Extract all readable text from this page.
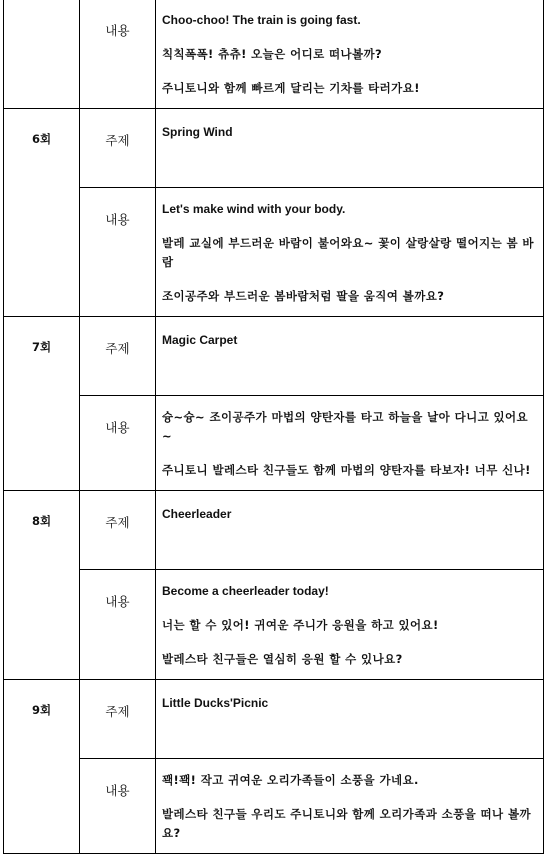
	내용	Choo-choo! The train is going fast.

칙칙폭폭! 츄츄! 오늘은 어디로 떠나볼까?

주니토니와 함께 빠르게 달리는 기차를 타러가요!

6회	주제	Spring Wind
	내용	Let's make wind with your body.

발레 교실에 부드러운 바람이 불어와요~ 꽃이 살랑살랑 떨어지는 봄 바람

조이공주와 부드러운 봄바람처럼 팔을 움직여 볼까요?

7회	주제	Magic Carpet
	내용	슝~슝~ 조이공주가 마법의 양탄자를 타고 하늘을 날아 다니고 있어요~

주니토니 발레스타 친구들도 함께 마법의 양탄자를 타보자! 너무 신나!

8회	주제	Cheerleader
	내용	Become a cheerleader today!

너는 할 수 있어! 귀여운 주니가 응원을 하고 있어요!

발레스타 친구들은 열심히 응원 할 수 있나요?

9회	주제	Little Ducks'Picnic
	내용	꽥!꽥! 작고 귀여운 오리가족들이 소풍을 가네요.

발레스타 친구들 우리도 주니토니와 함께 오리가족과 소풍을 떠나 볼까요?
